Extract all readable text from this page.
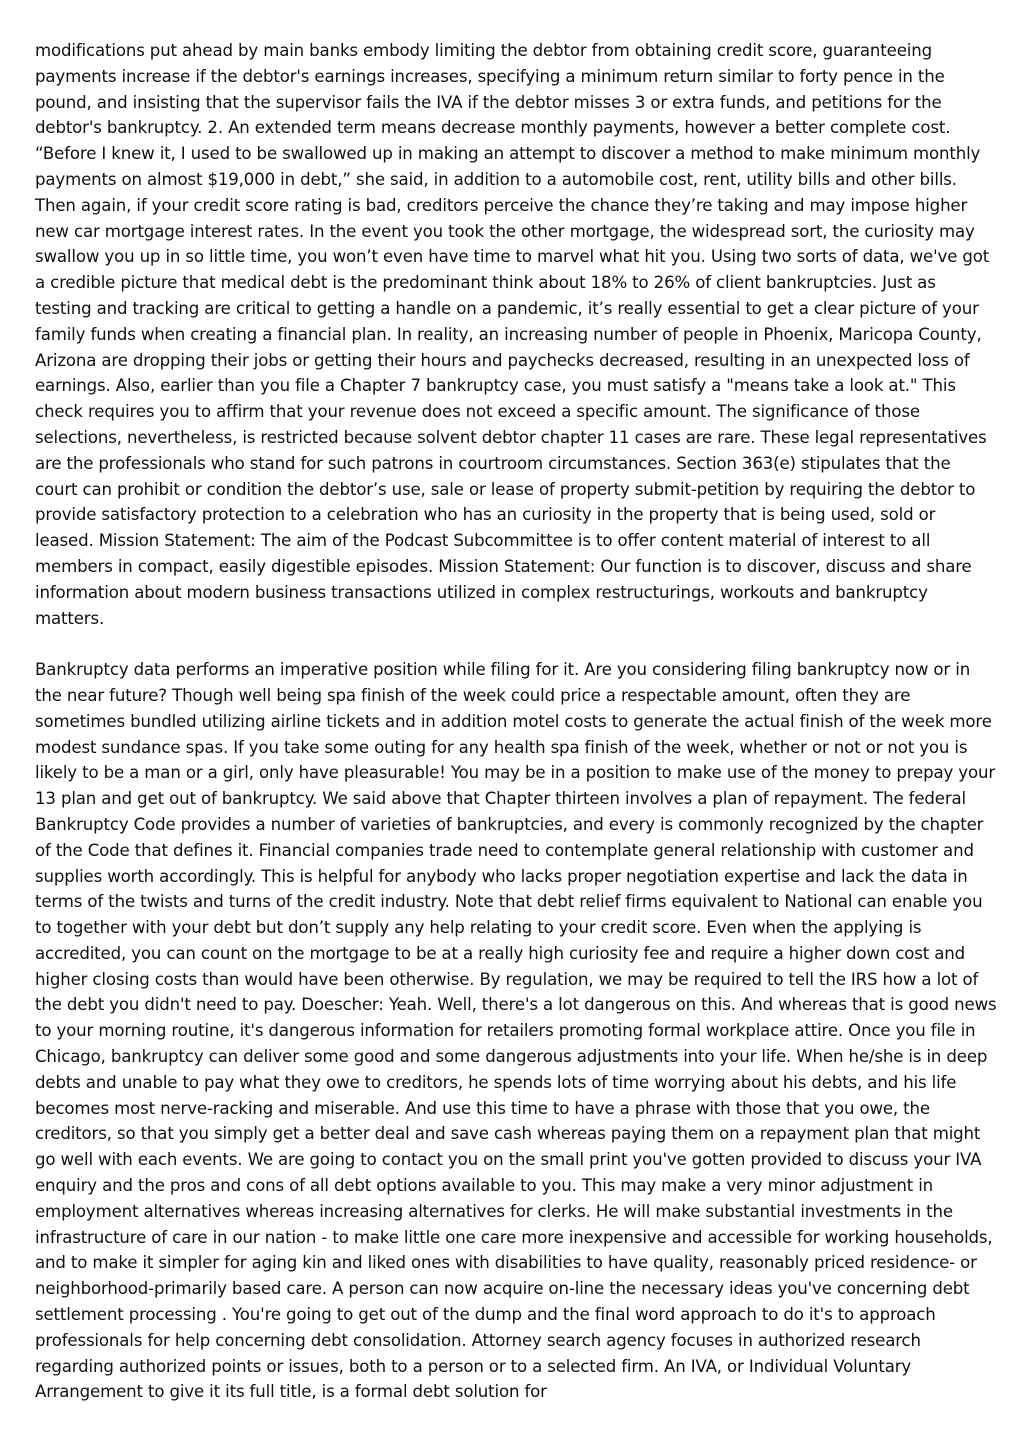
modifications put ahead by main banks embody limiting the debtor from obtaining credit score, guaranteeing payments increase if the debtor's earnings increases, specifying a minimum return similar to forty pence in the pound, and insisting that the supervisor fails the IVA if the debtor misses 3 or extra funds, and petitions for the debtor's bankruptcy. 2. An extended term means decrease monthly payments, however a better complete cost. “Before I knew it, I used to be swallowed up in making an attempt to discover a method to make minimum monthly payments on almost $19,000 in debt,” she said, in addition to a automobile cost, rent, utility bills and other bills. Then again, if your credit score rating is bad, creditors perceive the chance they’re taking and may impose higher new car mortgage interest rates. In the event you took the other mortgage, the widespread sort, the curiosity may swallow you up in so little time, you won’t even have time to marvel what hit you. Using two sorts of data, we've got a credible picture that medical debt is the predominant think about 18% to 26% of client bankruptcies. Just as testing and tracking are critical to getting a handle on a pandemic, it’s really essential to get a clear picture of your family funds when creating a financial plan. In reality, an increasing number of people in Phoenix, Maricopa County, Arizona are dropping their jobs or getting their hours and paychecks decreased, resulting in an unexpected loss of earnings. Also, earlier than you file a Chapter 7 bankruptcy case, you must satisfy a "means take a look at." This check requires you to affirm that your revenue does not exceed a specific amount. The significance of those selections, nevertheless, is restricted because solvent debtor chapter 11 cases are rare. These legal representatives are the professionals who stand for such patrons in courtroom circumstances. Section 363(e) stipulates that the court can prohibit or condition the debtor’s use, sale or lease of property submit-petition by requiring the debtor to provide satisfactory protection to a celebration who has an curiosity in the property that is being used, sold or leased. Mission Statement: The aim of the Podcast Subcommittee is to offer content material of interest to all members in compact, easily digestible episodes. Mission Statement: Our function is to discover, discuss and share information about modern business transactions utilized in complex restructurings, workouts and bankruptcy matters.

Bankruptcy data performs an imperative position while filing for it. Are you considering filing bankruptcy now or in the near future? Though well being spa finish of the week could price a respectable amount, often they are sometimes bundled utilizing airline tickets and in addition motel costs to generate the actual finish of the week more modest sundance spas. If you take some outing for any health spa finish of the week, whether or not or not you is likely to be a man or a girl, only have pleasurable! You may be in a position to make use of the money to prepay your 13 plan and get out of bankruptcy. We said above that Chapter thirteen involves a plan of repayment. The federal Bankruptcy Code provides a number of varieties of bankruptcies, and every is commonly recognized by the chapter of the Code that defines it. Financial companies trade need to contemplate general relationship with customer and supplies worth accordingly. This is helpful for anybody who lacks proper negotiation expertise and lack the data in terms of the twists and turns of the credit industry. Note that debt relief firms equivalent to National can enable you to together with your debt but don’t supply any help relating to your credit score. Even when the applying is accredited, you can count on the mortgage to be at a really high curiosity fee and require a higher down cost and higher closing costs than would have been otherwise. By regulation, we may be required to tell the IRS how a lot of the debt you didn't need to pay. Doescher: Yeah. Well, there's a lot dangerous on this. And whereas that is good news to your morning routine, it's dangerous information for retailers promoting formal workplace attire. Once you file in Chicago, bankruptcy can deliver some good and some dangerous adjustments into your life. When he/she is in deep debts and unable to pay what they owe to creditors, he spends lots of time worrying about his debts, and his life becomes most nerve-racking and miserable. And use this time to have a phrase with those that you owe, the creditors, so that you simply get a better deal and save cash whereas paying them on a repayment plan that might go well with each events. We are going to contact you on the small print you've gotten provided to discuss your IVA enquiry and the pros and cons of all debt options available to you. This may make a very minor adjustment in employment alternatives whereas increasing alternatives for clerks. He will make substantial investments in the infrastructure of care in our nation - to make little one care more inexpensive and accessible for working households, and to make it simpler for aging kin and liked ones with disabilities to have quality, reasonably priced residence- or neighborhood-primarily based care. A person can now acquire on-line the necessary ideas you've concerning debt settlement processing . You're going to get out of the dump and the final word approach to do it's to approach professionals for help concerning debt consolidation. Attorney search agency focuses in authorized research regarding authorized points or issues, both to a person or to a selected firm. An IVA, or Individual Voluntary Arrangement to give it its full title, is a formal debt solution for
